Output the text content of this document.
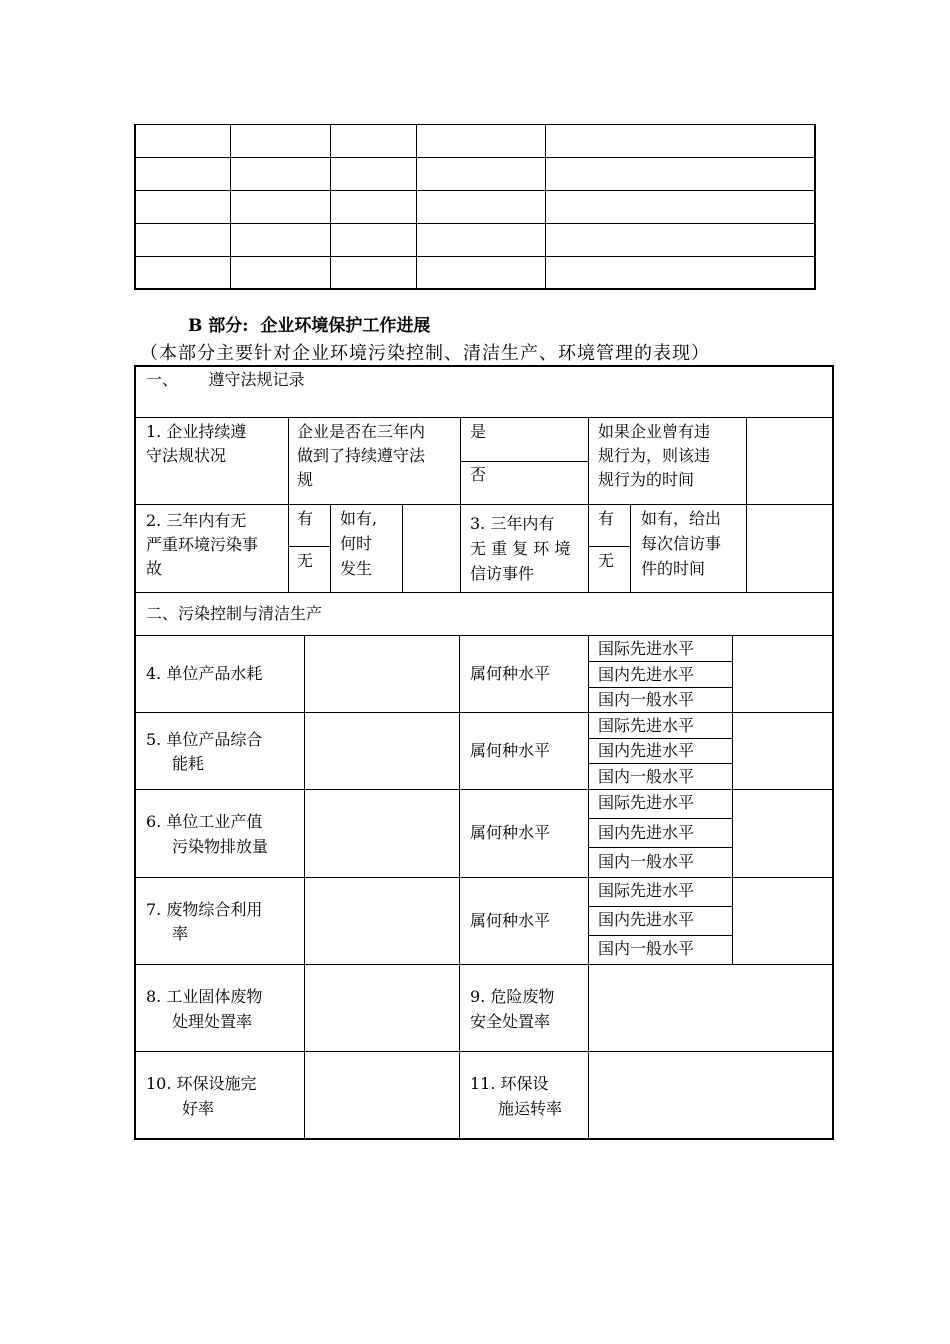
B 部分:  企业环境保护工作进展
（本部分主要针对企业环境污染控制、清洁生产、环境管理的表现）
一、      遵守法规记录
1. 企业持续遵
守法规状况
企业是否在三年内
做到了持续遵守法
规
是
否
如果企业曾有违
规行为，则该违
规行为的时间
2. 三年内有无
严重环境污染事
故
有
无
如有,
何时
发生
3. 三年内有
无 重 复 环 境
信访事件
有
无
如有，给出
每次信访事
件的时间
二、污染控制与清洁生产
4. 单位产品水耗	属何种水平
国际先进水平
国内先进水平
国内一般水平
5. 单位产品综合
能耗
属何种水平
国际先进水平
国内先进水平
国内一般水平
6. 单位工业产值
污染物排放量
属何种水平
国际先进水平
国内先进水平
国内一般水平
7. 废物综合利用
率
属何种水平
国际先进水平
国内先进水平
国内一般水平
8. 工业固体废物
处理处置率
9. 危险废物
安全处置率
10. 环保设施完
好率
11. 环保设
施运转率
